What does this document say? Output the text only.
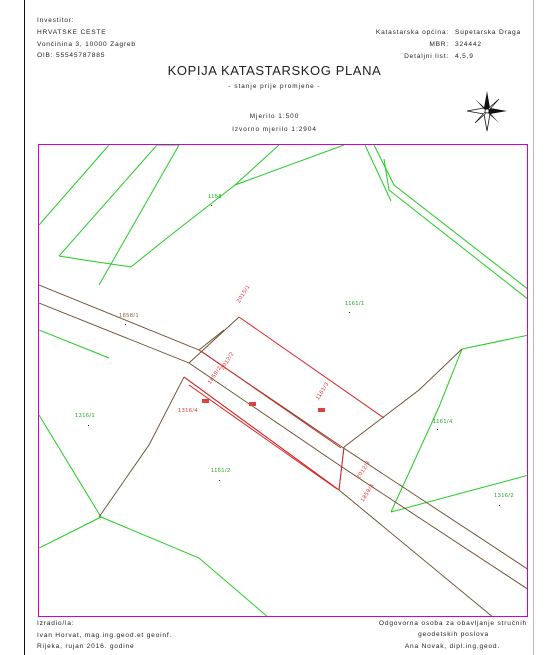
Investitor:
HRVATSKE CESTE
Vončinina 3, 10000 Zagreb
OIB: 55545787885
Katastarska općina:
MBR:
Detaljni list:
Supetarska Draga
324442
4,5,9
KOPIJA KATASTARSKOG PLANA
- stanje prije promjene -
Mjerilo 1:500
Izvorno mjerilo 1:2904
1158
1161/1
1316/1
1161/4
1316/2
1161/2
1858/1
2015/1
2012/2
1859/2
1316/4
1161/3
2012/3
1859/3
Izradio/la:
Ivan Horvat, mag.ing.geod.et geoinf.
Rijeka, rujan 2016. godine
Odgovorna osoba za obavljanje stručnih
geodetskih poslova
Ana Novak, dipl.ing.geod.
